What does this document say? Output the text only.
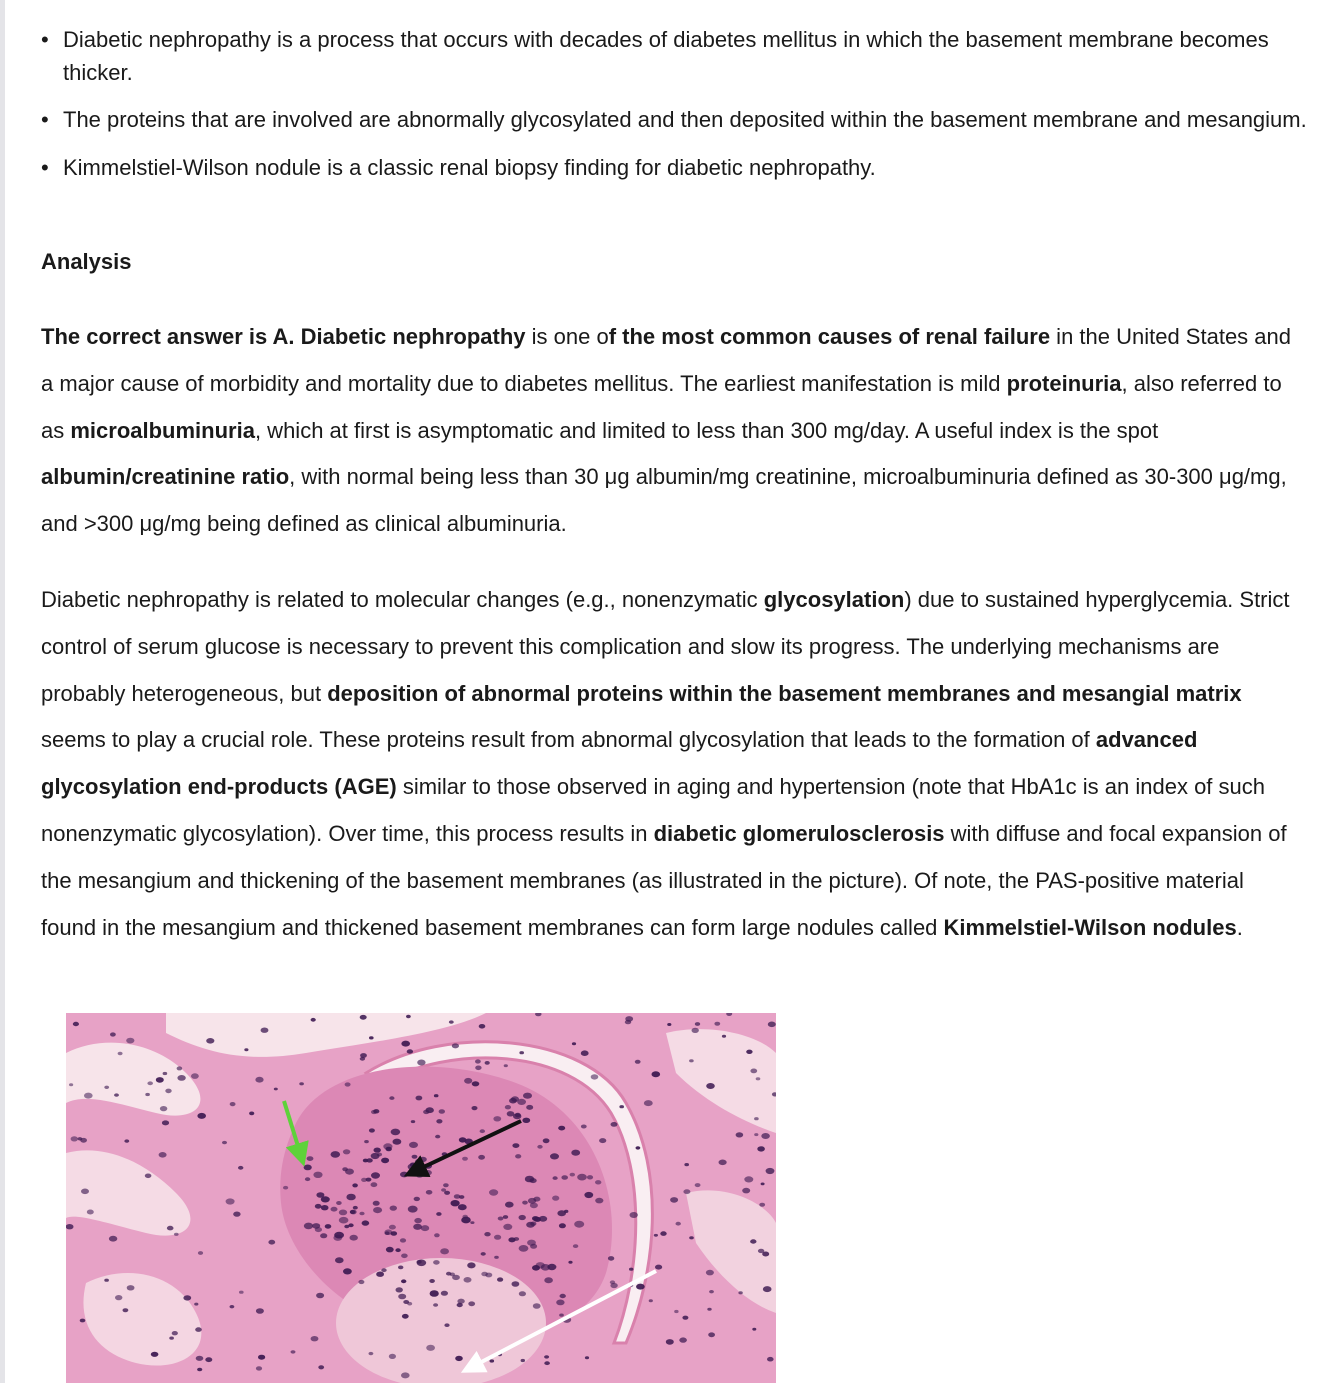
• Diabetic nephropathy is a process that occurs with decades of diabetes mellitus in which the basement membrane becomes thicker.
• The proteins that are involved are abnormally glycosylated and then deposited within the basement membrane and mesangium.
• Kimmelstiel-Wilson nodule is a classic renal biopsy finding for diabetic nephropathy.
Analysis

The correct answer is A. Diabetic nephropathy is one of the most common causes of renal failure in the United States and a major cause of morbidity and mortality due to diabetes mellitus. The earliest manifestation is mild proteinuria, also referred to as microalbuminuria, which at first is asymptomatic and limited to less than 300 mg/day. A useful index is the spot albumin/creatinine ratio, with normal being less than 30 μg albumin/mg creatinine, microalbuminuria defined as 30-300 μg/mg, and >300 μg/mg being defined as clinical albuminuria.

Diabetic nephropathy is related to molecular changes (e.g., nonenzymatic glycosylation) due to sustained hyperglycemia. Strict control of serum glucose is necessary to prevent this complication and slow its progress. The underlying mechanisms are probably heterogeneous, but deposition of abnormal proteins within the basement membranes and mesangial matrix seems to play a crucial role. These proteins result from abnormal glycosylation that leads to the formation of advanced glycosylation end-products (AGE) similar to those observed in aging and hypertension (note that HbA1c is an index of such nonenzymatic glycosylation). Over time, this process results in diabetic glomerulosclerosis with diffuse and focal expansion of the mesangium and thickening of the basement membranes (as illustrated in the picture). Of note, the PAS-positive material found in the mesangium and thickened basement membranes can form large nodules called Kimmelstiel-Wilson nodules.
